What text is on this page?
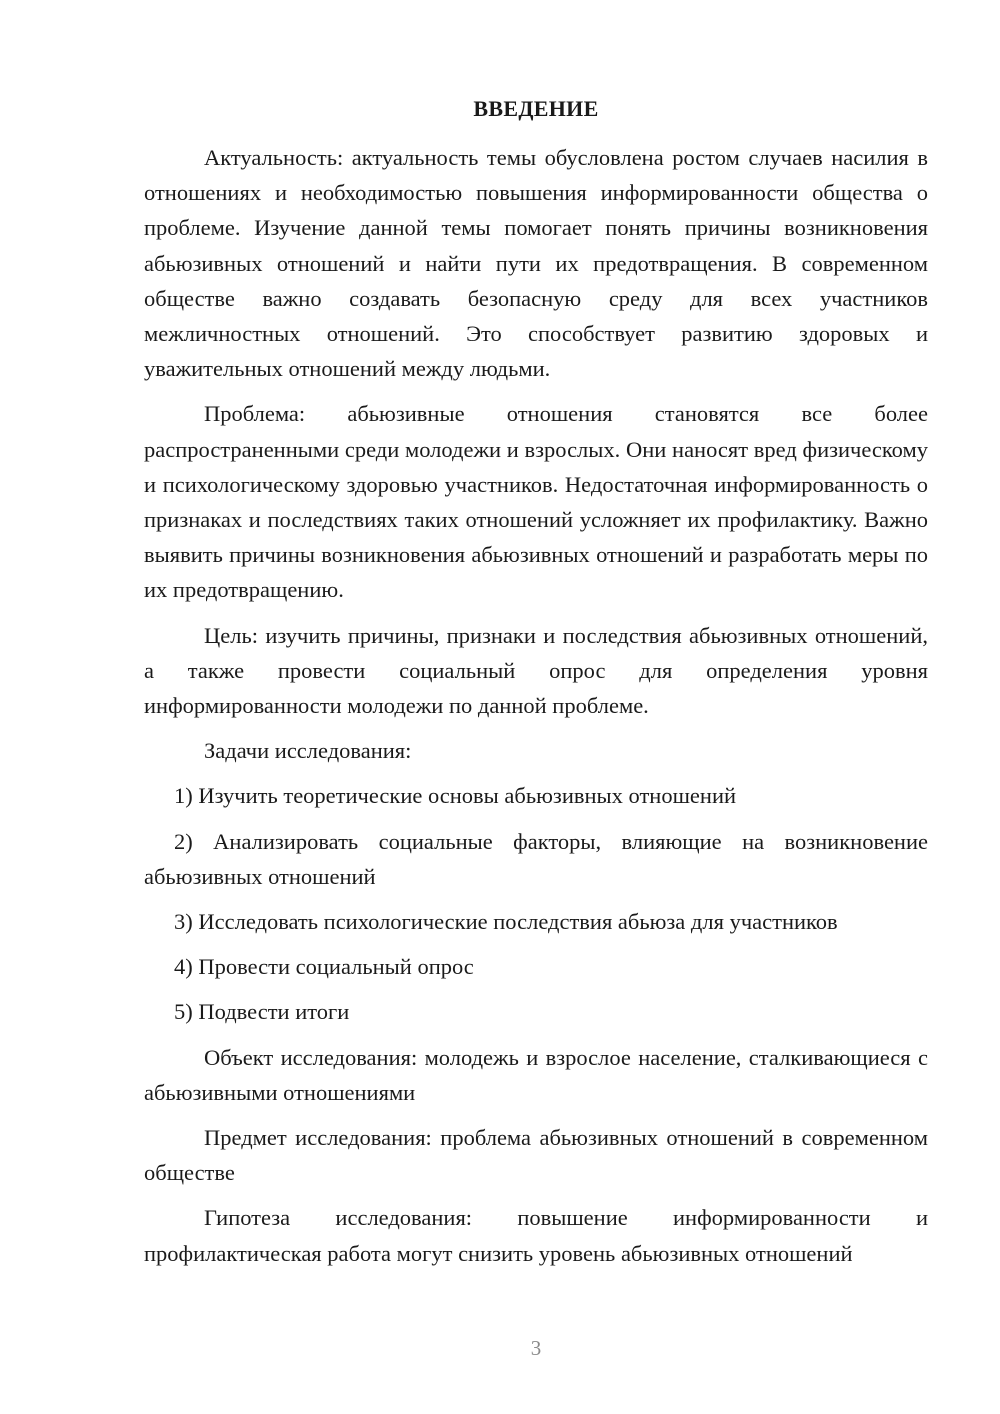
ВВЕДЕНИЕ

Актуальность: актуальность темы обусловлена ростом случаев насилия в отношениях и необходимостью повышения информированности общества о проблеме. Изучение данной темы помогает понять причины возникновения абьюзивных отношений и найти пути их предотвращения. В современном обществе важно создавать безопасную среду для всех участников межличностных отношений. Это способствует развитию здоровых и уважительных отношений между людьми.

Проблема: абьюзивные отношения становятся все более распространенными среди молодежи и взрослых. Они наносят вред физическому и психологическому здоровью участников. Недостаточная информированность о признаках и последствиях таких отношений усложняет их профилактику. Важно выявить причины возникновения абьюзивных отношений и разработать меры по их предотвращению.

Цель: изучить причины, признаки и последствия абьюзивных отношений, а также провести социальный опрос для определения уровня информированности молодежи по данной проблеме.

Задачи исследования:

1) Изучить теоретические основы абьюзивных отношений

2) Анализировать социальные факторы, влияющие на возникновение абьюзивных отношений

3) Исследовать психологические последствия абьюза для участников

4) Провести социальный опрос

5) Подвести итоги

Объект исследования: молодежь и взрослое население, сталкивающиеся с абьюзивными отношениями

Предмет исследования: проблема абьюзивных отношений в современном обществе

Гипотеза исследования: повышение информированности и профилактическая работа могут снизить уровень абьюзивных отношений

3
